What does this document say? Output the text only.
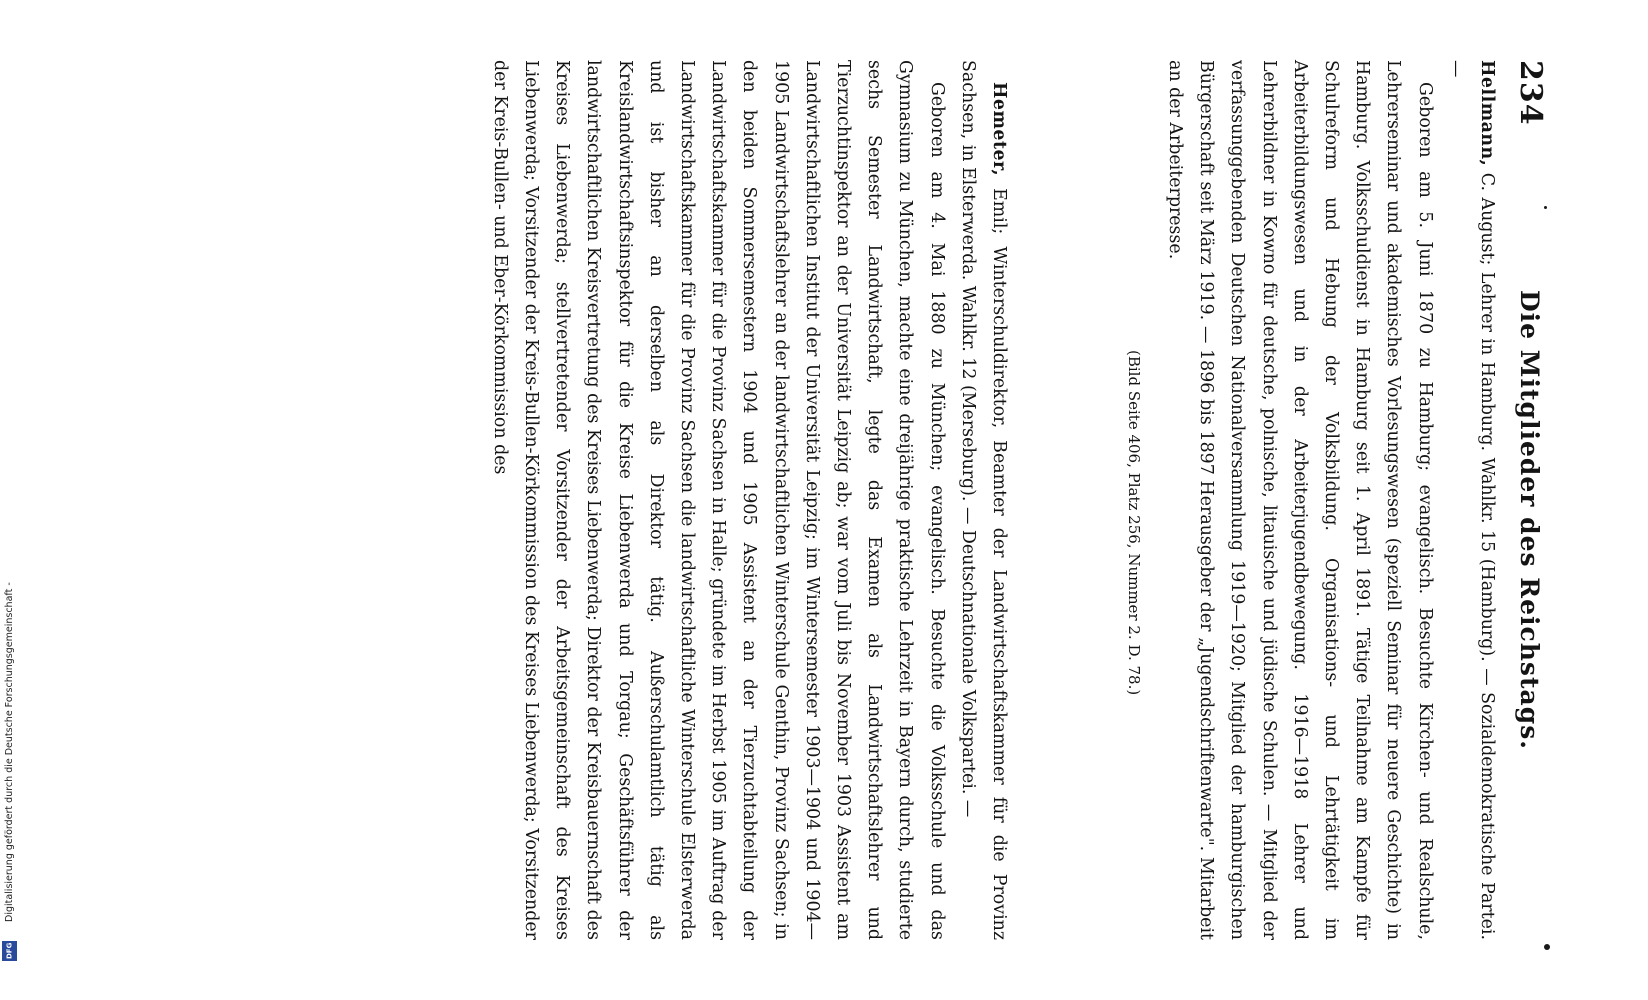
234
Die Mitglieder des Reichstags.

Hellmann, C. August; Lehrer in Hamburg. Wahlkr. 15 (Hamburg). — Sozialdemokratische Partei. —

Geboren am 5. Juni 1870 zu Hamburg; evangelisch. Besuchte Kirchen- und Realschule, Lehrerseminar und akademisches Vorlesungswesen (speziell Seminar für neuere Geschichte) in Hamburg. Volksschuldienst in Hamburg seit 1. April 1891. Tätige Teilnahme am Kampfe für Schulreform und Hebung der Volksbildung. Organisations- und Lehrtätigkeit im Arbeiterbildungswesen und in der Arbeiterjugendbewegung. 1916—1918 Lehrer und Lehrerbildner in Kowno für deutsche, polnische, litauische und jüdische Schulen. — Mitglied der verfassunggebenden Deutschen Nationalversammlung 1919—1920; Mitglied der hamburgischen Bürgerschaft seit März 1919. — 1896 bis 1897 Herausgeber der „Jugendschriftenwarte". Mitarbeit an der Arbeiterpresse.

(Bild Seite 406, Platz 256, Nummer 2. D. 78.)

Hemeter, Emil; Winterschuldirektor, Beamter der Landwirtschaftskammer für die Provinz Sachsen, in Elsterwerda. Wahlkr. 12 (Merseburg). — Deutschnationale Volkspartei. —

Geboren am 4. Mai 1880 zu München; evangelisch. Besuchte die Volksschule und das Gymnasium zu München, machte eine dreijährige praktische Lehrzeit in Bayern durch, studierte sechs Semester Landwirtschaft, legte das Examen als Landwirtschaftslehrer und Tierzuchtinspektor an der Universität Leipzig ab; war vom Juli bis November 1903 Assistent am Landwirtschaftlichen Institut der Universität Leipzig; im Wintersemester 1903—1904 und 1904—1905 Landwirtschaftslehrer an der landwirtschaftlichen Winterschule Genthin, Provinz Sachsen; in den beiden Sommersemestern 1904 und 1905 Assistent an der Tierzuchtabteilung der Landwirtschaftskammer für die Provinz Sachsen in Halle; gründete im Herbst 1905 im Auftrag der Landwirtschaftskammer für die Provinz Sachsen die landwirtschaftliche Winterschule Elsterwerda und ist bisher an derselben als Direktor tätig. Außerschulamtlich tätig als Kreislandwirtschaftsinspektor für die Kreise Liebenwerda und Torgau; Geschäftsführer der landwirtschaftlichen Kreisvertretung des Kreises Liebenwerda; Direktor der Kreisbauernschaft des Kreises Liebenwerda; stellvertretender Vorsitzender der Arbeitsgemeinschaft des Kreises Liebenwerda; Vorsitzender der Kreis-Bullen-Körkommission des Kreises Liebenwerda; Vorsitzender der Kreis-Bullen- und Eber-Körkommission des

Digitalisierung gefördert durch die Deutsche Forschungsgemeinschaft -
DFG
